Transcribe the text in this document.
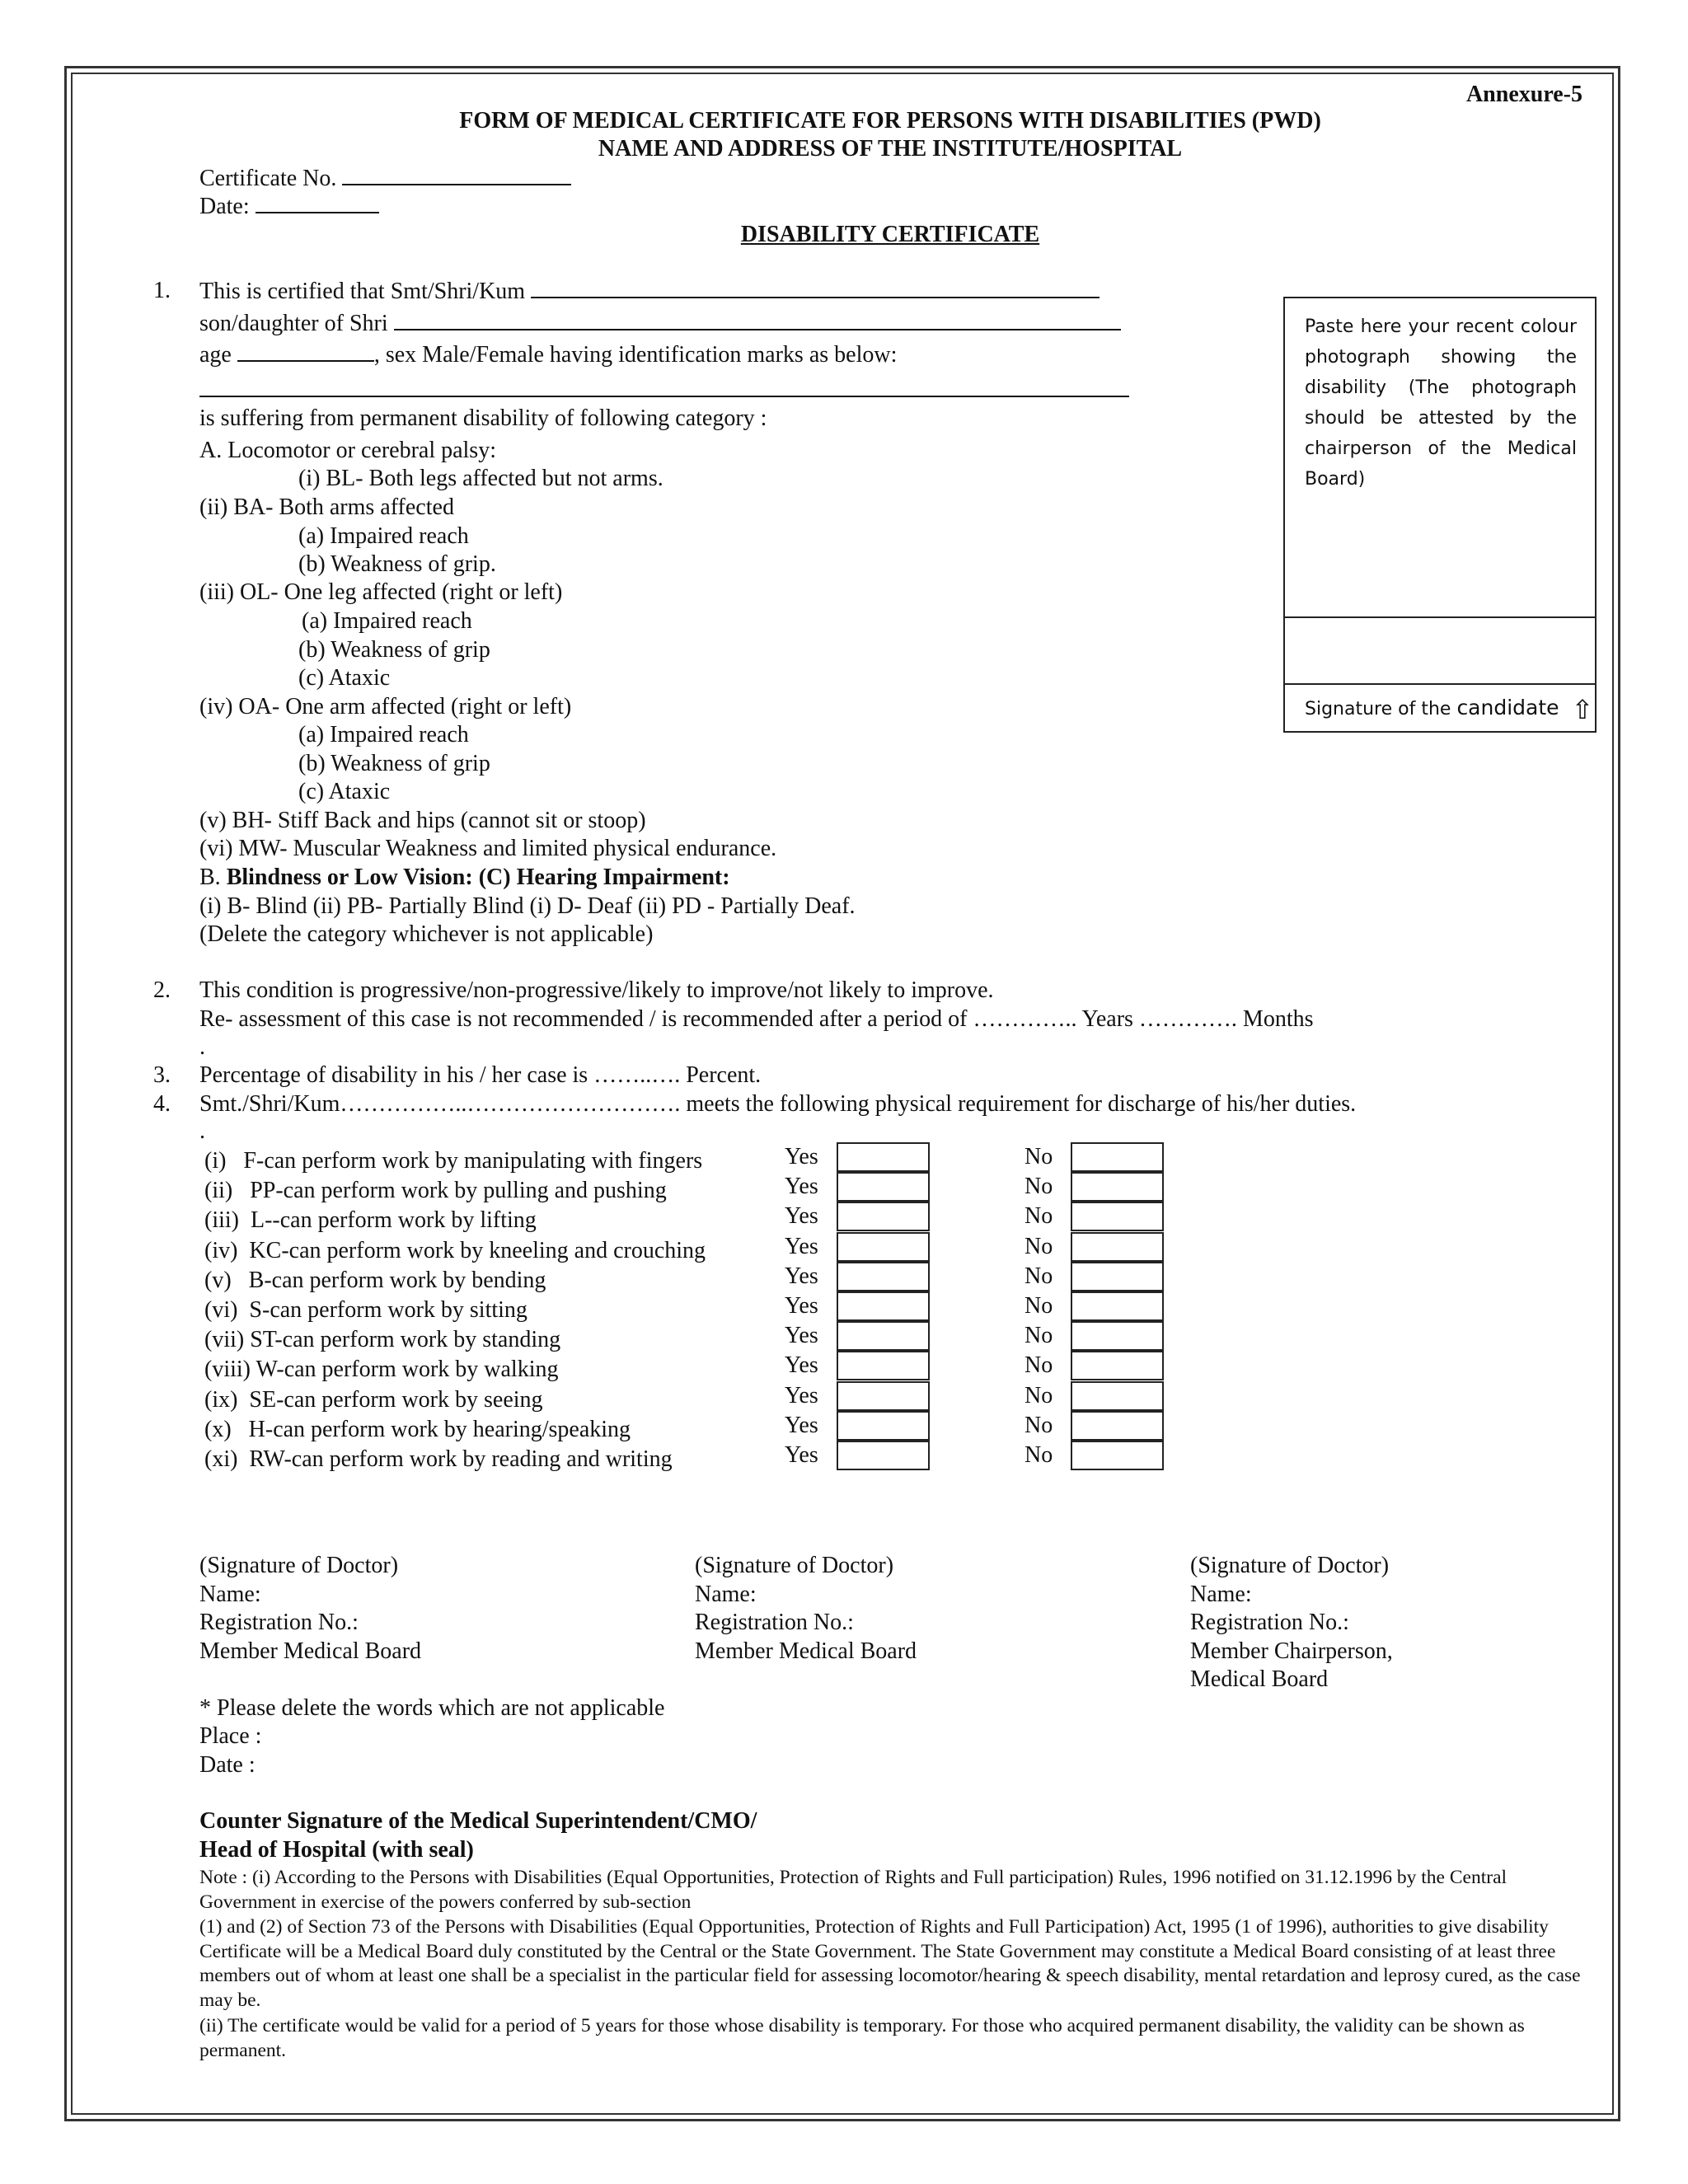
Annexure-5
FORM OF MEDICAL CERTIFICATE FOR PERSONS WITH DISABILITIES (PWD)
NAME AND ADDRESS OF THE INSTITUTE/HOSPITAL
Certificate No.
Date:
DISABILITY CERTIFICATE
Paste here your recent colour photograph showing the disability (The photograph should be attested by the chairperson of the Medical Board)
Signature of the candidate ⇧
1. This is certified that Smt/Shri/Kum
son/daughter of Shri
age	, sex Male/Female having identification marks as below:
is suffering from permanent disability of following category :
A. Locomotor or cerebral palsy:
(i) BL- Both legs affected but not arms.
(ii) BA- Both arms affected
(a) Impaired reach
(b) Weakness of grip.
(iii) OL- One leg affected (right or left)
(a) Impaired reach
(b) Weakness of grip
(c) Ataxic
(iv) OA- One arm affected (right or left)
(a) Impaired reach
(b) Weakness of grip
(c) Ataxic
(v) BH- Stiff Back and hips (cannot sit or stoop)
(vi) MW- Muscular Weakness and limited physical endurance.
B. Blindness or Low Vision: (C) Hearing Impairment:
(i) B- Blind (ii) PB- Partially Blind (i) D- Deaf (ii) PD - Partially Deaf.
(Delete the category whichever is not applicable)
2. This condition is progressive/non-progressive/likely to improve/not likely to improve.
Re- assessment of this case is not recommended / is recommended after a period of ………….. Years …………. Months
.
3. Percentage of disability in his / her case is ……..…. Percent.
4. Smt./Shri/Kum……………..………………………. meets the following physical requirement for discharge of his/her duties.
.
(i)   F-can perform work by manipulating with fingers	Yes	No
(ii)   PP-can perform work by pulling and pushing	Yes	No
(iii)  L--can perform work by lifting	Yes	No
(iv)  KC-can perform work by kneeling and crouching	Yes	No
(v)   B-can perform work by bending	Yes	No
(vi)  S-can perform work by sitting	Yes	No
(vii) ST-can perform work by standing	Yes	No
(viii) W-can perform work by walking	Yes	No
(ix)  SE-can perform work by seeing	Yes	No
(x)   H-can perform work by hearing/speaking	Yes	No
(xi)  RW-can perform work by reading and writing	Yes	No
(Signature of Doctor)
Name:
Registration No.:
Member Medical Board
(Signature of Doctor)
Name:
Registration No.:
Member Medical Board
(Signature of Doctor)
Name:
Registration No.:
Member Chairperson,
Medical Board
* Please delete the words which are not applicable
Place :
Date :
Counter Signature of the Medical Superintendent/CMO/
Head of Hospital (with seal)
Note : (i) According to the Persons with Disabilities (Equal Opportunities, Protection of Rights and Full participation) Rules, 1996 notified on 31.12.1996 by the Central Government in exercise of the powers conferred by sub-section
(1) and (2) of Section 73 of the Persons with Disabilities (Equal Opportunities, Protection of Rights and Full Participation) Act, 1995 (1 of 1996), authorities to give disability Certificate will be a Medical Board duly constituted by the Central or the State Government. The State Government may constitute a Medical Board consisting of at least three members out of whom at least one shall be a specialist in the particular field for assessing locomotor/hearing & speech disability, mental retardation and leprosy cured, as the case may be.
(ii) The certificate would be valid for a period of 5 years for those whose disability is temporary. For those who acquired permanent disability, the validity can be shown as permanent.
